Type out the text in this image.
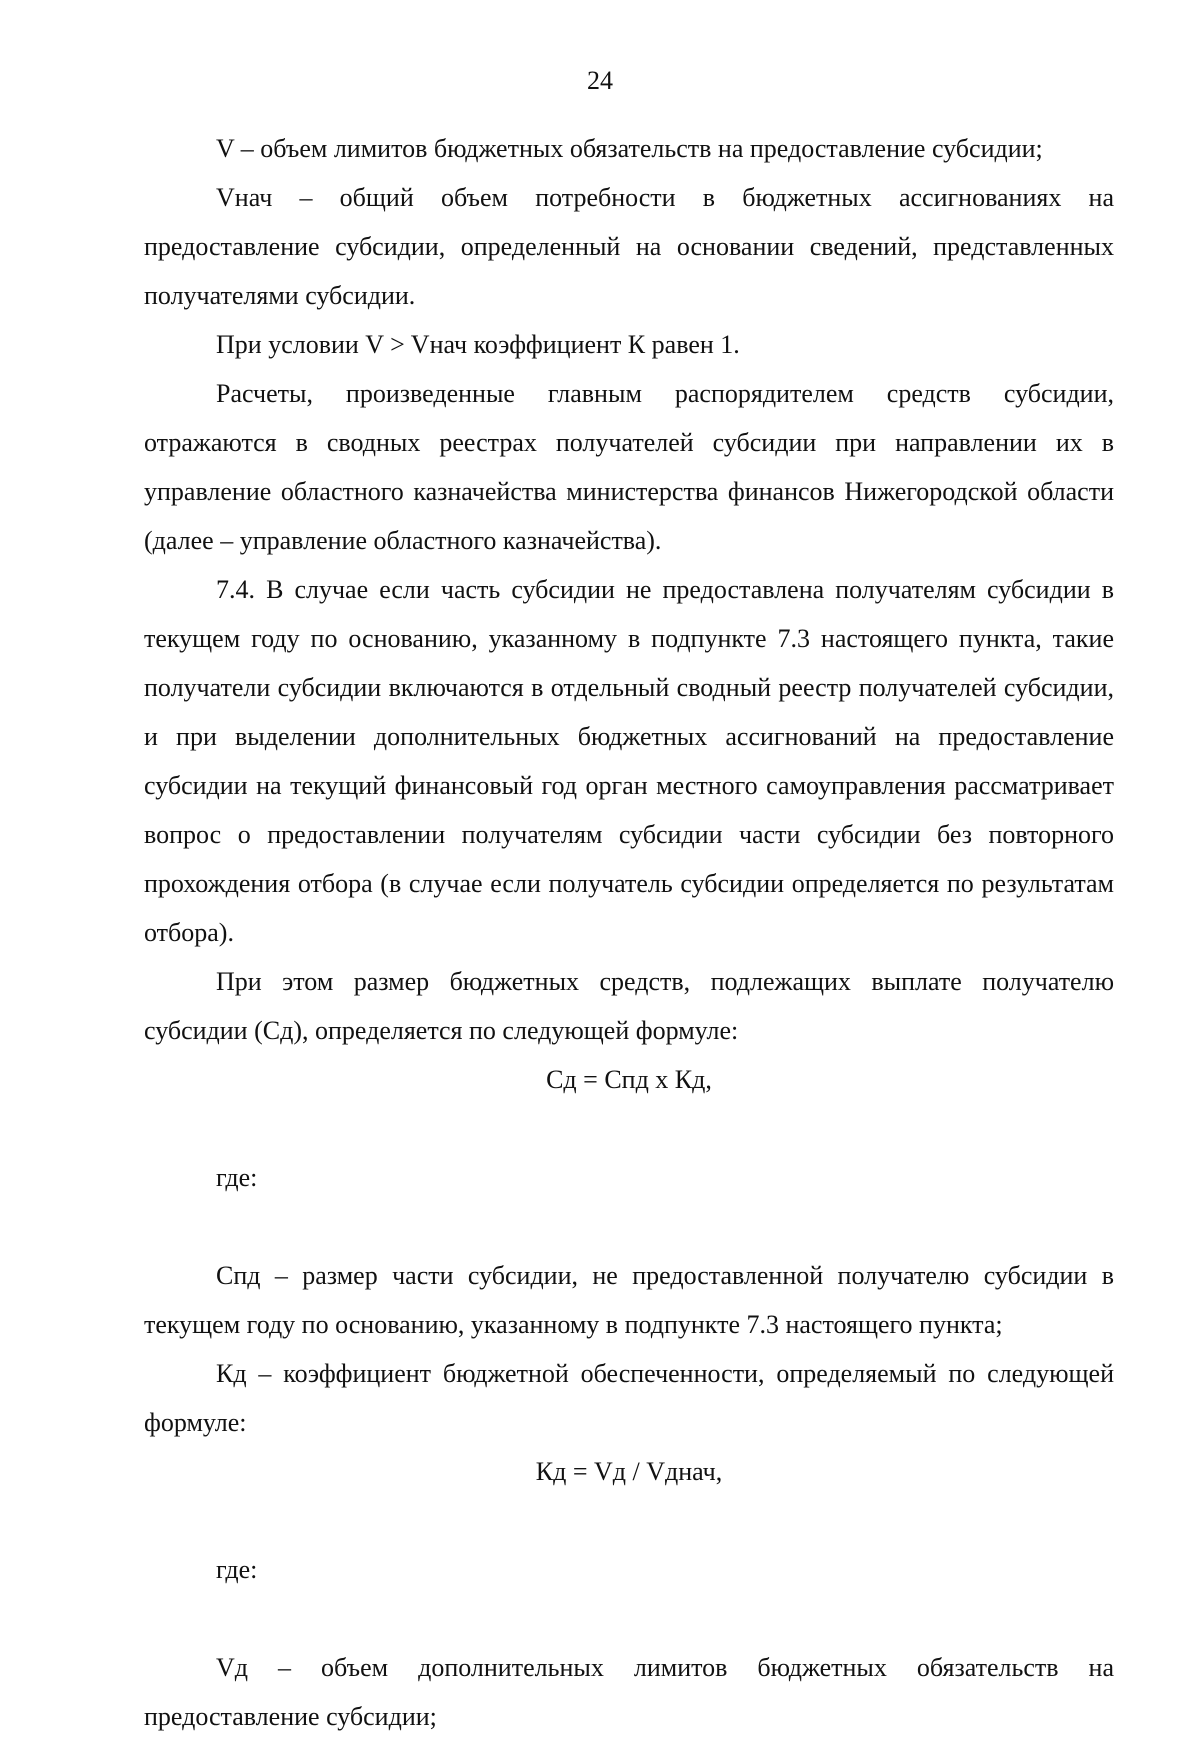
24

V – объем лимитов бюджетных обязательств на предоставление субсидии;

Vнач – общий объем потребности в бюджетных ассигнованиях на предоставление субсидии, определенный на основании сведений, представленных получателями субсидии.

При условии V > Vнач коэффициент К равен 1.

Расчеты, произведенные главным распорядителем средств субсидии, отражаются в сводных реестрах получателей субсидии при направлении их в управление областного казначейства министерства финансов Нижегородской области (далее – управление областного казначейства).

7.4. В случае если часть субсидии не предоставлена получателям субсидии в текущем году по основанию, указанному в подпункте 7.3 настоящего пункта, такие получатели субсидии включаются в отдельный сводный реестр получателей субсидии, и при выделении дополнительных бюджетных ассигнований на предоставление субсидии на текущий финансовый год орган местного самоуправления рассматривает вопрос о предоставлении получателям субсидии части субсидии без повторного прохождения отбора (в случае если получатель субсидии определяется по результатам отбора).

При этом размер бюджетных средств, подлежащих выплате получателю субсидии (Сд), определяется по следующей формуле:

Сд = Спд x Кд,

где:

Спд – размер части субсидии, не предоставленной получателю субсидии в текущем году по основанию, указанному в подпункте 7.3 настоящего пункта;

Кд – коэффициент бюджетной обеспеченности, определяемый по следующей формуле:

Кд = Vд / Vднач,

где:

Vд – объем дополнительных лимитов бюджетных обязательств на предоставление субсидии;
